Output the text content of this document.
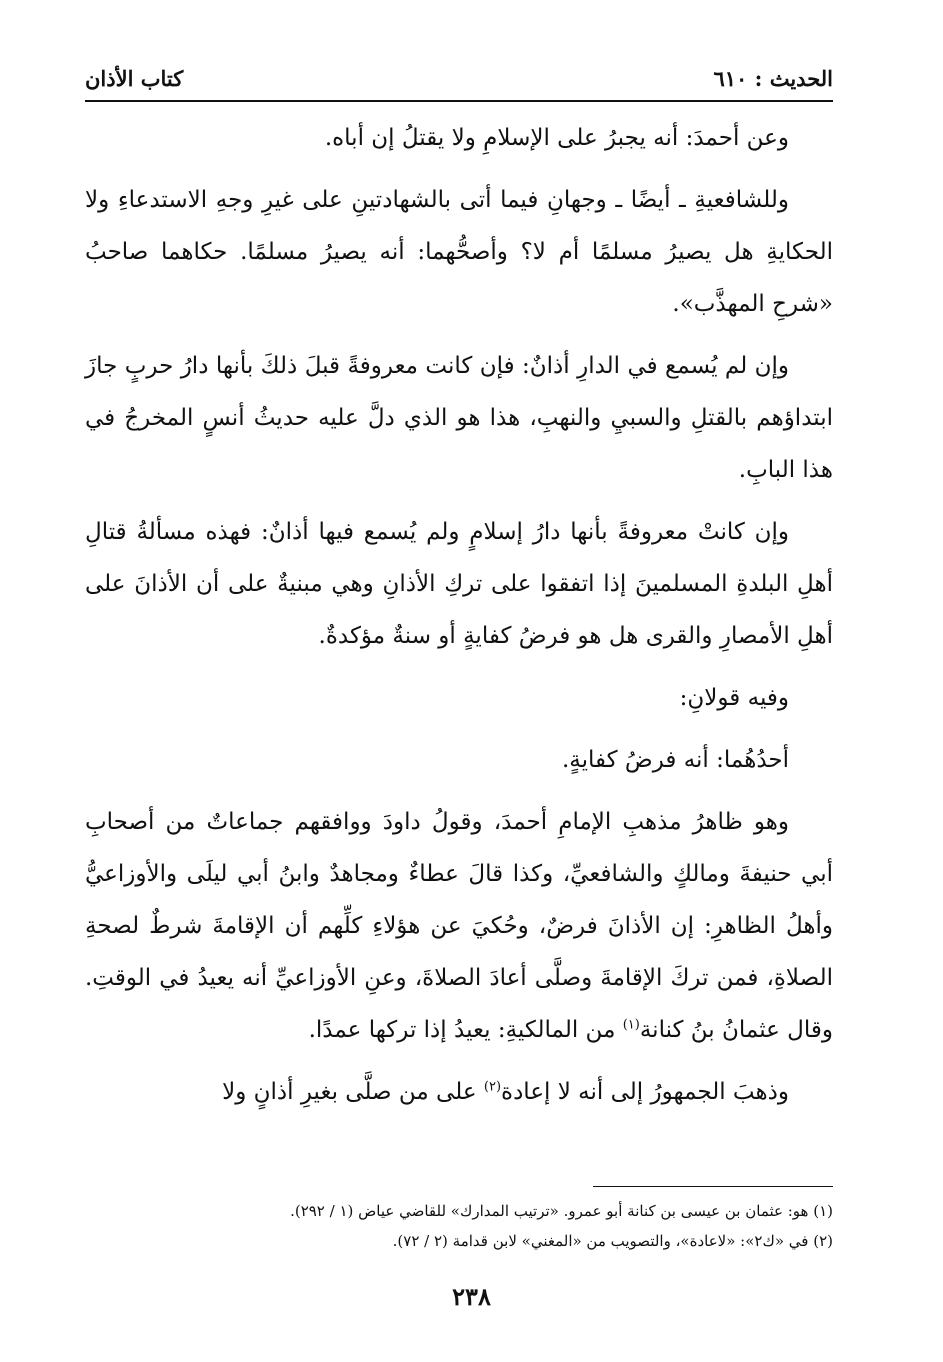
الحديث : ٦١٠
كتاب الأذان

وعن أحمدَ: أنه يجبرُ على الإسلامِ ولا يقتلُ إن أباه.

وللشافعيةِ ـ أيضًا ـ وجهانِ فيما أتى بالشهادتينِ على غيرِ وجهِ الاستدعاءِ ولا الحكايةِ هل يصيرُ مسلمًا أم لا؟ وأصحُّهما: أنه يصيرُ مسلمًا. حكاهما صاحبُ «شرحِ المهذَّب».

وإن لم يُسمع في الدارِ أذانٌ: فإن كانت معروفةً قبلَ ذلكَ بأنها دارُ حربٍ جازَ ابتداؤهم بالقتلِ والسبيِ والنهبِ، هذا هو الذي دلَّ عليه حديثُ أنسٍ المخرجُ في هذا البابِ.

وإن كانتْ معروفةً بأنها دارُ إسلامٍ ولم يُسمع فيها أذانٌ: فهذه مسألةُ قتالِ أهلِ البلدةِ المسلمينَ إذا اتفقوا على تركِ الأذانِ وهي مبنيةٌ على أن الأذانَ على أهلِ الأمصارِ والقرى هل هو فرضُ كفايةٍ أو سنةٌ مؤكدةٌ.

وفيه قولانِ:

أحدُهُما: أنه فرضُ كفايةٍ.

وهو ظاهرُ مذهبِ الإمامِ أحمدَ، وقولُ داودَ ووافقهم جماعاتٌ من أصحابِ أبي حنيفةَ ومالكٍ والشافعيِّ، وكذا قالَ عطاءٌ ومجاهدٌ وابنُ أبي ليلَى والأوزاعيُّ وأهلُ الظاهرِ: إن الأذانَ فرضٌ، وحُكيَ عن هؤلاءِ كلِّهم أن الإقامةَ شرطٌ لصحةِ الصلاةِ، فمن تركَ الإقامةَ وصلَّى أعادَ الصلاةَ، وعنِ الأوزاعيِّ أنه يعيدُ في الوقتِ. وقال عثمانُ بنُ كنانة$^{(١)}$ من المالكيةِ: يعيدُ إذا تركها عمدًا.

وذهبَ الجمهورُ إلى أنه لا إعادة$^{(٢)}$ على من صلَّى بغيرِ أذانٍ ولا

(١) هو: عثمان بن عيسى بن كنانة أبو عمرو. «ترتيب المدارك» للقاضي عياض (١ / ٢٩٢).

(٢) في «ك٢»: «لاعادة»، والتصويب من «المغني» لابن قدامة (٢ / ٧٢).

٢٣٨
